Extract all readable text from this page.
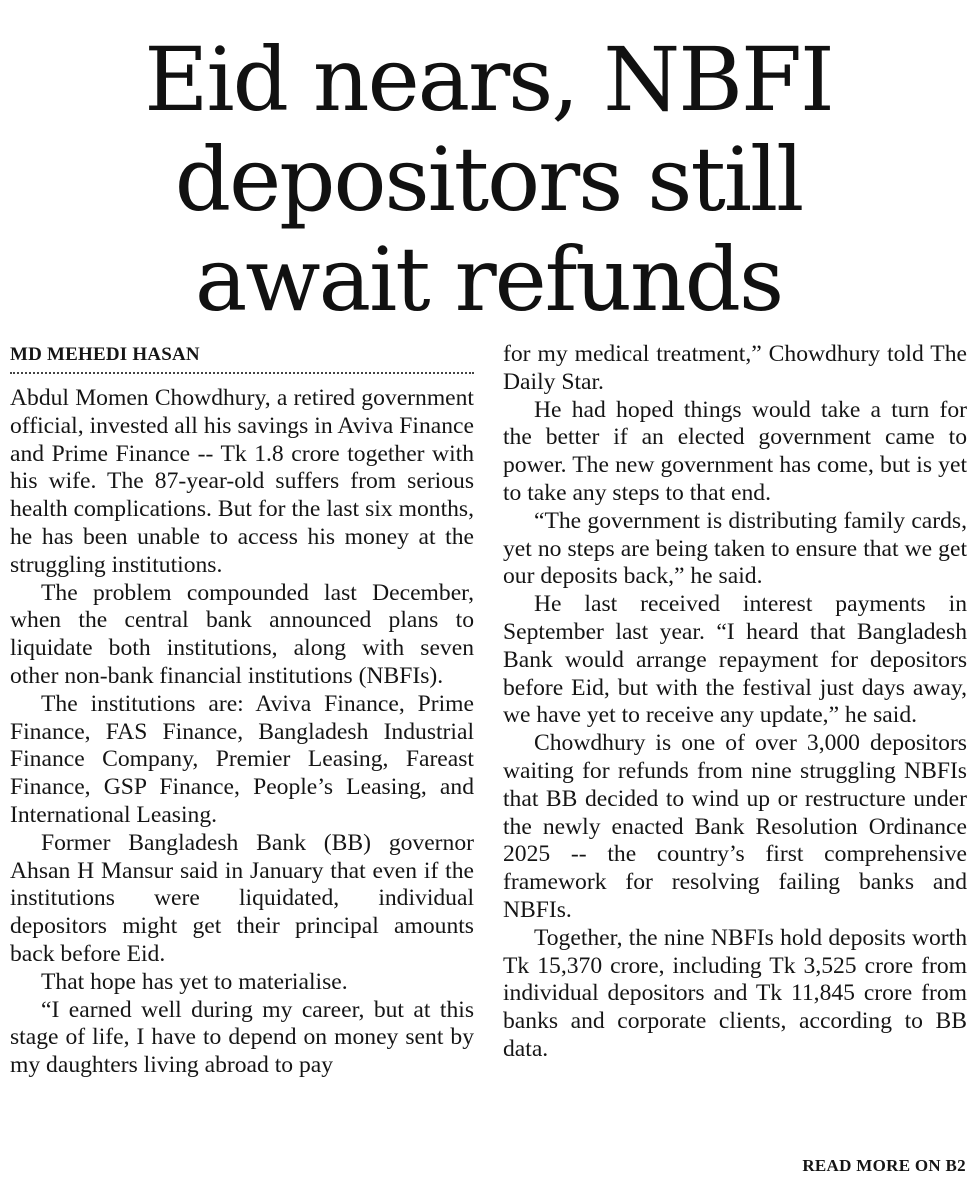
Eid nears, NBFI
depositors still
await refunds
MD MEHEDI HASAN

Abdul Momen Chowdhury, a retired government official, invested all his savings in Aviva Finance and Prime Finance -- Tk 1.8 crore together with his wife. The 87-year-old suffers from serious health complications. But for the last six months, he has been unable to access his money at the struggling institutions.

The problem compounded last December, when the central bank announced plans to liquidate both institutions, along with seven other non-bank financial institutions (NBFIs).

The institutions are: Aviva Finance, Prime Finance, FAS Finance, Bangladesh Industrial Finance Company, Premier Leasing, Fareast Finance, GSP Finance, People’s Leasing, and International Leasing.

Former Bangladesh Bank (BB) governor Ahsan H Mansur said in January that even if the institutions were liquidated, individual depositors might get their principal amounts back before Eid.

That hope has yet to materialise.

“I earned well during my career, but at this stage of life, I have to depend on money sent by my daughters living abroad to pay

for my medical treatment,” Chowdhury told The Daily Star.

He had hoped things would take a turn for the better if an elected government came to power. The new government has come, but is yet to take any steps to that end.

“The government is distributing family cards, yet no steps are being taken to ensure that we get our deposits back,” he said.

He last received interest payments in September last year. “I heard that Bangladesh Bank would arrange repayment for depositors before Eid, but with the festival just days away, we have yet to receive any update,” he said.

Chowdhury is one of over 3,000 depositors waiting for refunds from nine struggling NBFIs that BB decided to wind up or restructure under the newly enacted Bank Resolution Ordinance 2025 -- the country’s first comprehensive framework for resolving failing banks and NBFIs.

Together, the nine NBFIs hold deposits worth Tk 15,370 crore, including Tk 3,525 crore from individual depositors and Tk 11,845 crore from banks and corporate clients, according to BB data.

READ MORE ON B2
